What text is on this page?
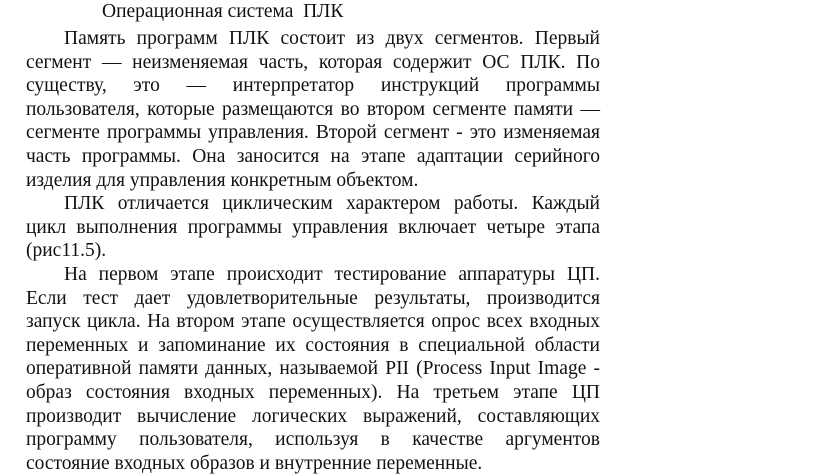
Операционная система  ПЛК

Память программ ПЛК состоит из двух сегментов. Первый сегмент — неизменяемая часть, которая содержит ОС ПЛК. По существу, это — интерпретатор инструкций программы пользователя, которые размещаются во втором сегменте памяти — сегменте программы управления. Второй сегмент - это изменяемая часть программы. Она заносится на этапе адаптации серийного изделия для управления конкретным объектом.

ПЛК отличается циклическим характером работы. Каждый цикл выполнения программы управления включает четыре этапа (рис11.5).

На первом этапе происходит тестирование аппаратуры ЦП. Если тест дает удовлетворительные результаты, производится запуск цикла. На втором этапе осуществляется опрос всех входных переменных и запоминание их состояния в специальной области оперативной памяти данных, называемой PII (Process Input Image - образ состояния входных переменных). На третьем этапе ЦП производит вычисление логических выражений, составляющих программу пользователя, используя в качестве аргументов состояние входных образов и внутренние переменные.
